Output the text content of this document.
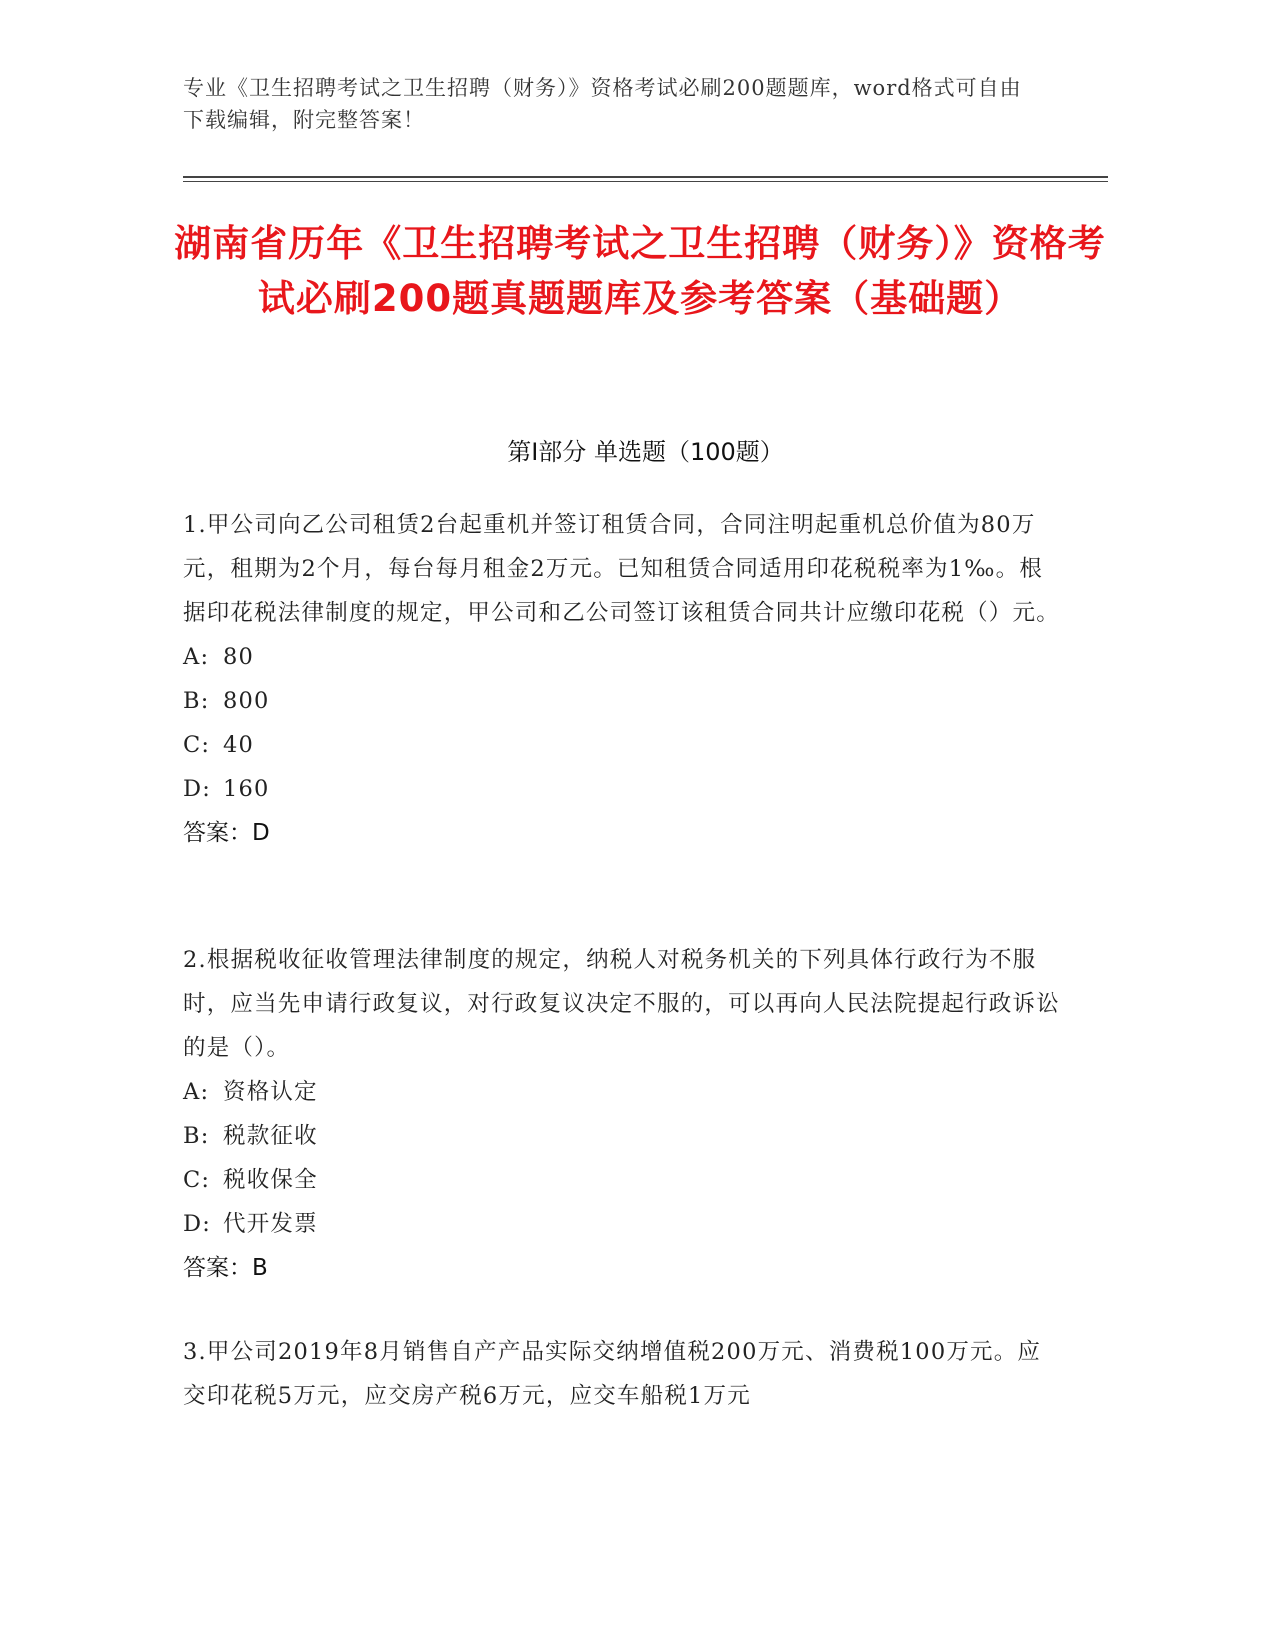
专业《卫生招聘考试之卫生招聘（财务）》资格考试必刷200题题库，word格式可自由下载编辑，附完整答案！
湖南省历年《卫生招聘考试之卫生招聘（财务）》资格考试必刷200题真题题库及参考答案（基础题）
第Ⅰ部分 单选题（100题）

1.甲公司向乙公司租赁2台起重机并签订租赁合同，合同注明起重机总价值为80万元，租期为2个月，每台每月租金2万元。已知租赁合同适用印花税税率为1‰。根据印花税法律制度的规定，甲公司和乙公司签订该租赁合同共计应缴印花税（）元。

A: 80

B: 800

C: 40

D: 160

答案：D

2.根据税收征收管理法律制度的规定，纳税人对税务机关的下列具体行政行为不服时，应当先申请行政复议，对行政复议决定不服的，可以再向人民法院提起行政诉讼的是（）。

A: 资格认定

B: 税款征收

C: 税收保全

D: 代开发票

答案：B

3.甲公司2019年8月销售自产产品实际交纳增值税200万元、消费税100万元。应交印花税5万元，应交房产税6万元，应交车船税1万元
